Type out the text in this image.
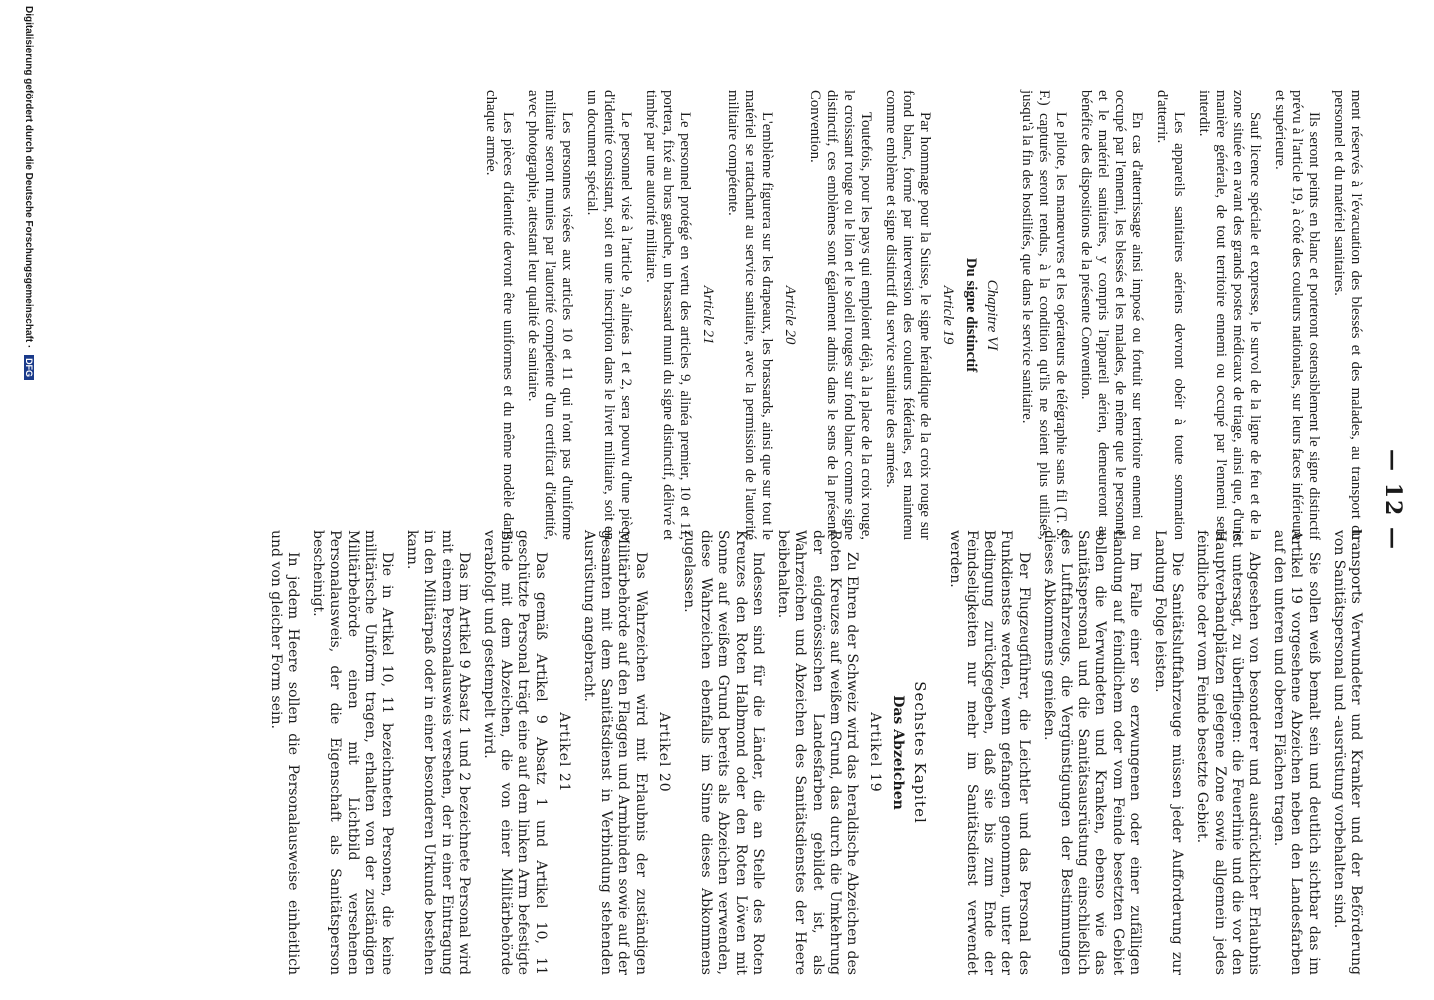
— 12 —

ment réservés à l'évacuation des blessés et des malades, au transport du personnel et du matériel sanitaires.

Ils seront peints en blanc et porteront ostensiblement le signe distinctif prévu à l'article 19, à côté des couleurs nationales, sur leurs faces inférieure et supérieure.

Sauf licence spéciale et expresse, le survol de la ligne de feu et de la zone située en avant des grands postes médicaux de triage, ainsi que, d'une manière générale, de tout territoire ennemi ou occupé par l'ennemi sera interdit.

Les appareils sanitaires aériens devront obéir à toute sommation d'atterrir.

En cas d'atterrissage ainsi imposé ou fortuit sur territoire ennemi ou occupé par l'ennemi, les blessés et les malades, de même que le personnel et le matériel sanitaires, y compris l'appareil aérien, demeureront au bénéfice des dispositions de la présente Convention.

Le pilote, les manœuvres et les opérateurs de télégraphie sans fil (T. S. F.) capturés seront rendus, à la condition qu'ils ne soient plus utilisés, jusqu'à la fin des hostilités, que dans le service sanitaire.

Chapitre VI
Du signe distinctif
Article 19

Par hommage pour la Suisse, le signe héraldique de la croix rouge sur fond blanc, formé par interversion des couleurs fédérales, est maintenu comme emblème et signe distinctif du service sanitaire des armées.

Toutefois, pour les pays qui emploient déjà, à la place de la croix rouge, le croissant rouge ou le lion et le soleil rouges sur fond blanc comme signe distinctif, ces emblèmes sont également admis dans le sens de la présente Convention.

Article 20

L'emblème figurera sur les drapeaux, les brassards, ainsi que sur tout le matériel se rattachant au service sanitaire, avec la permission de l'autorité militaire compétente.

Article 21

Le personnel protégé en vertu des articles 9, alinéa premier, 10 et 11, portera, fixé au bras gauche, un brassard muni du signe distinctif, délivré et timbré par une autorité militaire.

Le personnel visé à l'article 9, alinéas 1 et 2, sera pourvu d'une pièce d'identité consistant, soit en une inscription dans le livret militaire, soit en un document spécial.

Les personnes visées aux articles 10 et 11 qui n'ont pas d'uniforme militaire seront munies par l'autorité compétente d'un certificat d'identité, avec photographie, attestant leur qualité de sanitaire.

Les pièces d'identité devront être uniformes et du même modèle dans chaque armée.

transports Verwundeter und Kranker und der Beförderung von Sanitätspersonal und -ausrüstung vorbehalten sind.

Sie sollen weiß bemalt sein und deutlich sichtbar das im Artikel 19 vorgesehene Abzeichen neben den Landesfarben auf den unteren und oberen Flächen tragen.

Abgesehen von besonderer und ausdrücklicher Erlaubnis ist untersagt, zu überfliegen: die Feuerlinie und die vor den Hauptverbandplätzen gelegene Zone sowie allgemein jedes feindliche oder vom Feinde besetzte Gebiet.

Die Sanitätsluftfahrzeuge müssen jeder Aufforderung zur Landung Folge leisten.

Im Falle einer so erzwungenen oder einer zufälligen Landung auf feindlichem oder vom Feinde besetzten Gebiet sollen die Verwundeten und Kranken, ebenso wie das Sanitätspersonal und die Sanitätsausrüstung einschließlich des Luftfahrzeugs, die Vergünstigungen der Bestimmungen dieses Abkommens genießen.

Der Flugzeugführer, die Leichtler und das Personal des Funkdienstes werden, wenn gefangen genommen, unter der Bedingung zurückgegeben, daß sie bis zum Ende der Feindseligkeiten nur mehr im Sanitätsdienst verwendet werden.

Sechstes Kapitel
Das Abzeichen
Artikel 19

Zu Ehren der Schweiz wird das heraldische Abzeichen des Roten Kreuzes auf weißem Grund, das durch die Umkehrung der eidgenössischen Landesfarben gebildet ist, als Wahrzeichen und Abzeichen des Sanitätsdienstes der Heere beibehalten.

Indessen sind für die Länder, die an Stelle des Roten Kreuzes den Roten Halbmond oder den Roten Löwen mit Sonne auf weißem Grund bereits als Abzeichen verwenden, diese Wahrzeichen ebenfalls im Sinne dieses Abkommens zugelassen.

Artikel 20

Das Wahrzeichen wird mit Erlaubnis der zuständigen Militärbehörde auf den Flaggen und Armbinden sowie auf der gesamten mit dem Sanitätsdienst in Verbindung stehenden Ausrüstung angebracht.

Artikel 21

Das gemäß Artikel 9 Absatz 1 und Artikel 10, 11 geschützte Personal trägt eine auf dem linken Arm befestigte Binde mit dem Abzeichen, die von einer Militärbehörde verabfolgt und gestempelt wird.

Das im Artikel 9 Absatz 1 und 2 bezeichnete Personal wird mit einem Personalausweis versehen, der in einer Eintragung in den Militärpaß oder in einer besonderen Urkunde bestehen kann.

Die in Artikel 10, 11 bezeichneten Personen, die keine militärische Uniform tragen, erhalten von der zuständigen Militärbehörde einen mit Lichtbild versehenen Personalausweis, der die Eigenschaft als Sanitätsperson bescheinigt.

In jedem Heere sollen die Personalausweise einheitlich und von gleicher Form sein.

Digitalisierung gefördert durch die Deutsche Forschungsgemeinschaft · DFG
